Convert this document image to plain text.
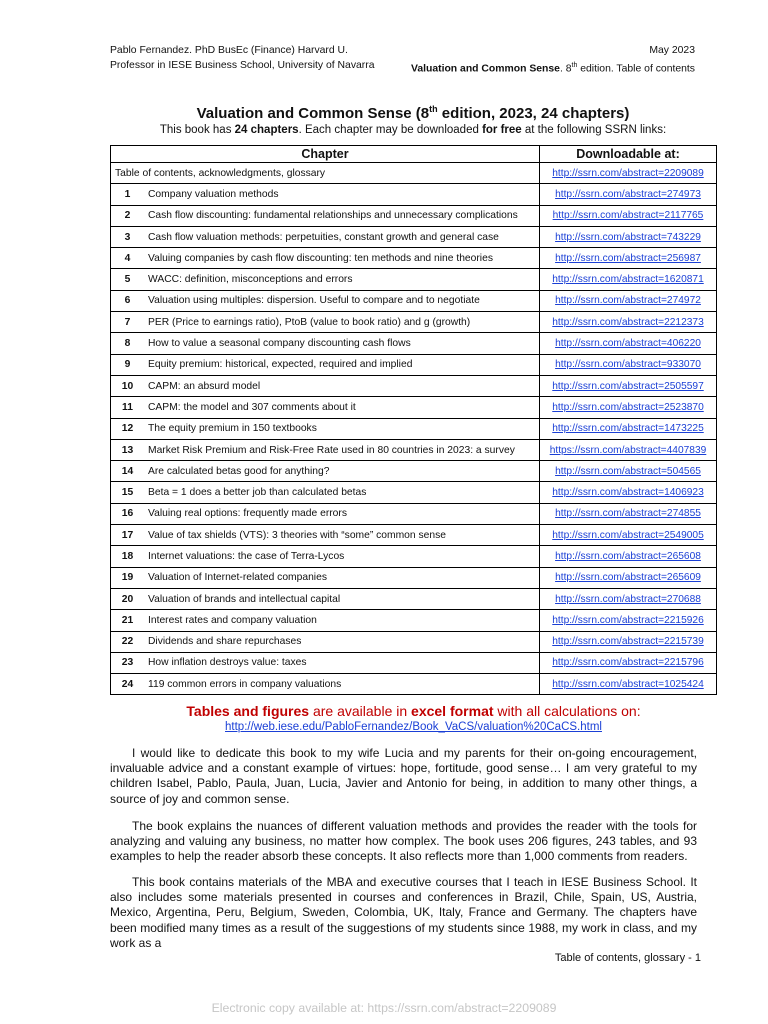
Pablo Fernandez. PhD BusEc (Finance) Harvard U.	May 2023
Professor in IESE Business School, University of Navarra	Valuation and Common Sense. 8th edition. Table of contents
Valuation and Common Sense (8th edition, 2023, 24 chapters)
This book has 24 chapters. Each chapter may be downloaded for free at the following SSRN links:
Chapter		Downloadable at:
Table of contents, acknowledgments, glossary		http://ssrn.com/abstract=2209089
1	Company valuation methods	http://ssrn.com/abstract=274973
2	Cash flow discounting: fundamental relationships and unnecessary complications	http://ssrn.com/abstract=2117765
3	Cash flow valuation methods: perpetuities, constant growth and general case	http://ssrn.com/abstract=743229
4	Valuing companies by cash flow discounting: ten methods and nine theories	http://ssrn.com/abstract=256987
5	WACC: definition, misconceptions and errors	http://ssrn.com/abstract=1620871
6	Valuation using multiples: dispersion. Useful to compare and to negotiate	http://ssrn.com/abstract=274972
7	PER (Price to earnings ratio), PtoB (value to book ratio) and g (growth)	http://ssrn.com/abstract=2212373
8	How to value a seasonal company discounting cash flows	http://ssrn.com/abstract=406220
9	Equity premium: historical, expected, required and implied	http://ssrn.com/abstract=933070
10	CAPM: an absurd model	http://ssrn.com/abstract=2505597
11	CAPM: the model and 307 comments about it	http://ssrn.com/abstract=2523870
12	The equity premium in 150 textbooks	http://ssrn.com/abstract=1473225
13	Market Risk Premium and Risk-Free Rate used in 80 countries in 2023: a survey	https://ssrn.com/abstract=4407839
14	Are calculated betas good for anything?	http://ssrn.com/abstract=504565
15	Beta = 1 does a better job than calculated betas	http://ssrn.com/abstract=1406923
16	Valuing real options: frequently made errors	http://ssrn.com/abstract=274855
17	Value of tax shields (VTS): 3 theories with “some” common sense	http://ssrn.com/abstract=2549005
18	Internet valuations: the case of Terra-Lycos	http://ssrn.com/abstract=265608
19	Valuation of Internet-related companies	http://ssrn.com/abstract=265609
20	Valuation of brands and intellectual capital	http://ssrn.com/abstract=270688
21	Interest rates and company valuation	http://ssrn.com/abstract=2215926
22	Dividends and share repurchases	http://ssrn.com/abstract=2215739
23	How inflation destroys value: taxes	http://ssrn.com/abstract=2215796
24	119 common errors in company valuations	http://ssrn.com/abstract=1025424
Tables and figures are available in excel format with all calculations on:
http://web.iese.edu/PabloFernandez/Book_VaCS/valuation%20CaCS.html

I would like to dedicate this book to my wife Lucia and my parents for their on-going encouragement, invaluable advice and a constant example of virtues: hope, fortitude, good sense… I am very grateful to my children Isabel, Pablo, Paula, Juan, Lucia, Javier and Antonio for being, in addition to many other things, a source of joy and common sense.

The book explains the nuances of different valuation methods and provides the reader with the tools for analyzing and valuing any business, no matter how complex. The book uses 206 figures, 243 tables, and 93 examples to help the reader absorb these concepts. It also reflects more than 1,000 comments from readers.

This book contains materials of the MBA and executive courses that I teach in IESE Business School. It also includes some materials presented in courses and conferences in Brazil, Chile, Spain, US, Austria, Mexico, Argentina, Peru, Belgium, Sweden, Colombia, UK, Italy, France and Germany. The chapters have been modified many times as a result of the suggestions of my students since 1988, my work in class, and my work as a

Table of contents, glossary - 1
Electronic copy available at: https://ssrn.com/abstract=2209089
